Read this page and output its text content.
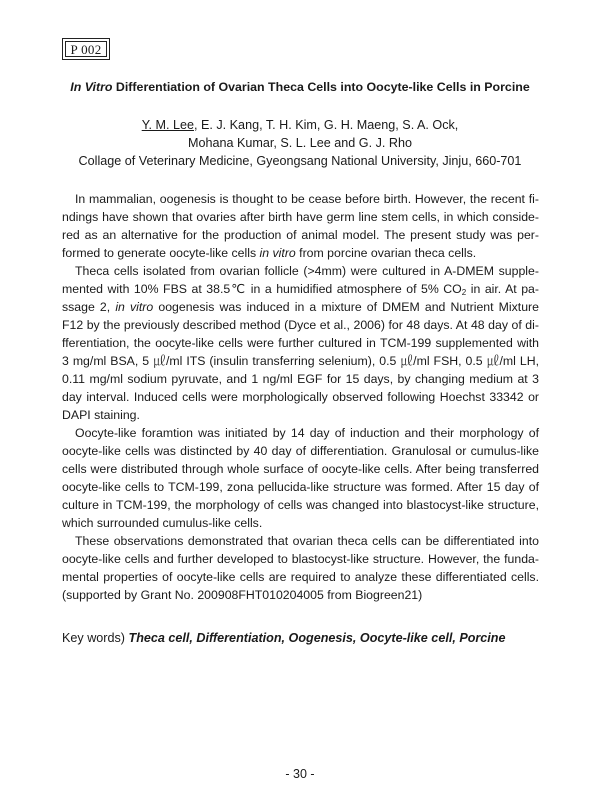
P 002
In Vitro Differentiation of Ovarian Theca Cells into Oocyte-like Cells in Porcine
Y. M. Lee, E. J. Kang, T. H. Kim, G. H. Maeng, S. A. Ock,
Mohana Kumar, S. L. Lee and G. J. Rho
Collage of Veterinary Medicine, Gyeongsang National University, Jinju, 660-701

In mammalian, oogenesis is thought to be cease before birth. However, the recent findings have shown that ovaries after birth have germ line stem cells, in which considered as an alternative for the production of animal model. The present study was performed to generate oocyte-like cells in vitro from porcine ovarian theca cells.

Theca cells isolated from ovarian follicle (>4mm) were cultured in A-DMEM supplemented with 10% FBS at 38.5℃ in a humidified atmosphere of 5% $CO_2$ in air. At passage 2, in vitro oogenesis was induced in a mixture of DMEM and Nutrient Mixture F12 by the previously described method (Dyce et al., 2006) for 48 days. At 48 day of differentiation, the oocyte-like cells were further cultured in TCM-199 supplemented with 3 mg/ml BSA, 5 ㎕/ml ITS (insulin transferring selenium), 0.5 ㎕/ml FSH, 0.5 ㎕/ml LH, 0.11 mg/ml sodium pyruvate, and 1 ng/ml EGF for 15 days, by changing medium at 3 day interval. Induced cells were morphologically observed following Hoechst 33342 or DAPI staining.

Oocyte-like foramtion was initiated by 14 day of induction and their morphology of oocyte-like cells was distincted by 40 day of differentiation. Granulosal or cumulus-like cells were distributed through whole surface of oocyte-like cells. After being transferred oocyte-like cells to TCM-199, zona pellucida-like structure was formed. After 15 day of culture in TCM-199, the morphology of cells was changed into blastocyst-like structure, which surrounded cumulus-like cells.

These observations demonstrated that ovarian theca cells can be differentiated into oocyte-like cells and further developed to blastocyst-like structure. However, the fundamental properties of oocyte-like cells are required to analyze these differentiated cells. (supported by Grant No. 200908FHT010204005 from Biogreen21)

Key words) Theca cell, Differentiation, Oogenesis, Oocyte-like cell, Porcine
- 30 -
